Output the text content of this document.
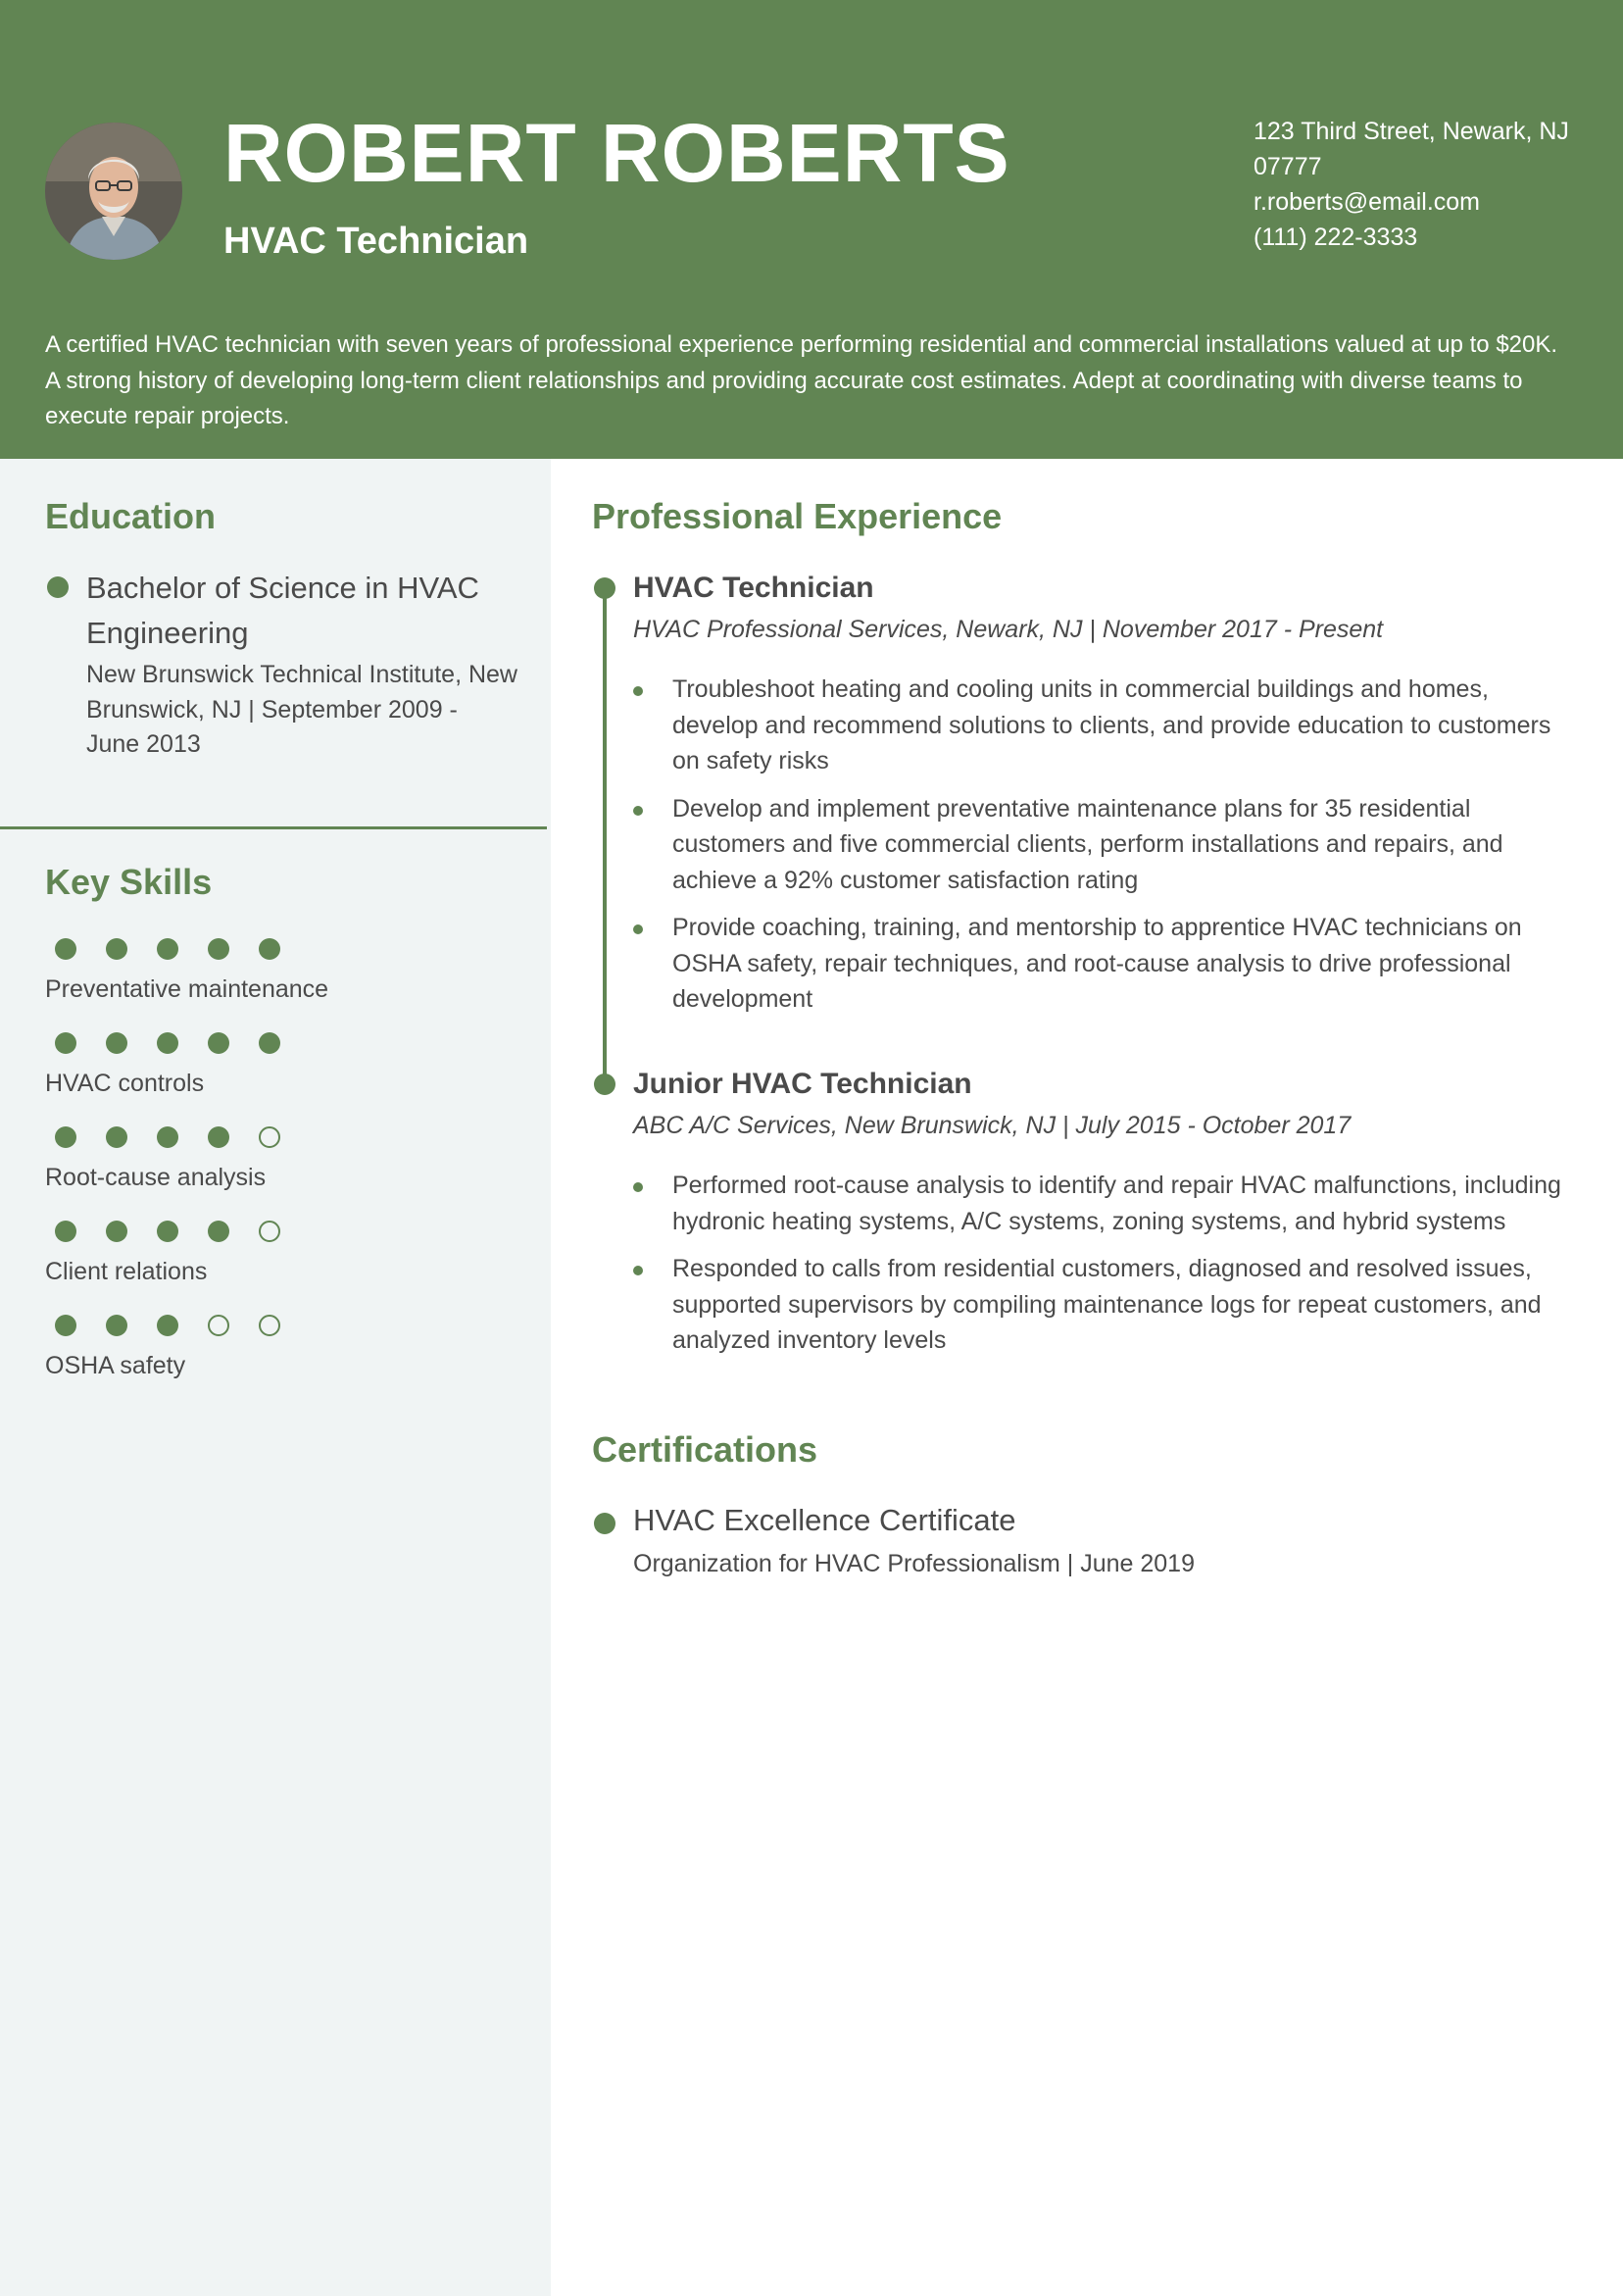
ROBERT ROBERTS
HVAC Technician
123 Third Street, Newark, NJ 07777
r.roberts@email.com
(111) 222-3333
A certified HVAC technician with seven years of professional experience performing residential and commercial installations valued at up to $20K. A strong history of developing long-term client relationships and providing accurate cost estimates. Adept at coordinating with diverse teams to execute repair projects.
Education
Bachelor of Science in HVAC Engineering
New Brunswick Technical Institute, New Brunswick, NJ | September 2009 - June 2013
Key Skills
Preventative maintenance
HVAC controls
Root-cause analysis
Client relations
OSHA safety
Professional Experience
HVAC Technician
HVAC Professional Services, Newark, NJ | November 2017 - Present
Troubleshoot heating and cooling units in commercial buildings and homes, develop and recommend solutions to clients, and provide education to customers on safety risks
Develop and implement preventative maintenance plans for 35 residential customers and five commercial clients, perform installations and repairs, and achieve a 92% customer satisfaction rating
Provide coaching, training, and mentorship to apprentice HVAC technicians on OSHA safety, repair techniques, and root-cause analysis to drive professional development
Junior HVAC Technician
ABC A/C Services, New Brunswick, NJ | July 2015 - October 2017
Performed root-cause analysis to identify and repair HVAC malfunctions, including hydronic heating systems, A/C systems, zoning systems, and hybrid systems
Responded to calls from residential customers, diagnosed and resolved issues, supported supervisors by compiling maintenance logs for repeat customers, and analyzed inventory levels
Certifications
HVAC Excellence Certificate
Organization for HVAC Professionalism | June 2019
